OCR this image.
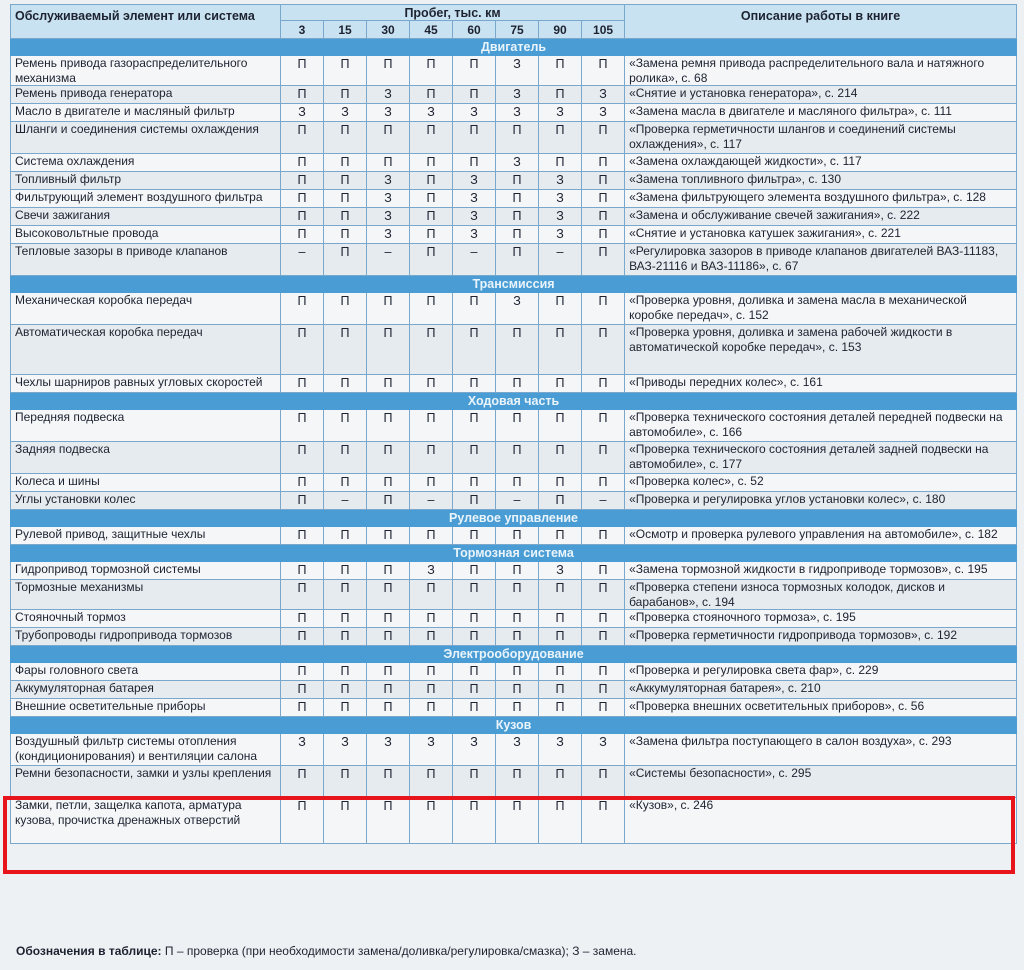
Обслуживаемый элемент или система	Пробег, тыс. км								Описание работы в книге
	3	15	30	45	60	75	90	105	
Двигатель									
Ремень привода газораспределительного механизма	П	П	П	П	П	З	П	П	«Замена ремня привода распределительного вала и натяжного ролика», с. 68
Ремень привода генератора	П	П	З	П	П	З	П	З	«Снятие и установка генератора», с. 214
Масло в двигателе и масляный фильтр	З	З	З	З	З	З	З	З	«Замена масла в двигателе и масляного фильтра», с. 111
Шланги и соединения системы охлаждения	П	П	П	П	П	П	П	П	«Проверка герметичности шлангов и соединений системы охлаждения», с. 117
Система охлаждения	П	П	П	П	П	З	П	П	«Замена охлаждающей жидкости», с. 117
Топливный фильтр	П	П	З	П	З	П	З	П	«Замена топливного фильтра», с. 130
Фильтрующий элемент воздушного фильтра	П	П	З	П	З	П	З	П	«Замена фильтрующего элемента воздушного фильтра», с. 128
Свечи зажигания	П	П	З	П	З	П	З	П	«Замена и обслуживание свечей зажигания», с. 222
Высоковольтные провода	П	П	З	П	З	П	З	П	«Снятие и установка катушек зажигания», с. 221
Тепловые зазоры в приводе клапанов	–	П	–	П	–	П	–	П	«Регулировка зазоров в приводе клапанов двигателей ВАЗ-11183, ВАЗ-21116 и ВАЗ-11186», с. 67
Трансмиссия									
Механическая коробка передач	П	П	П	П	П	З	П	П	«Проверка уровня, доливка и замена масла в механической коробке передач», с. 152
Автоматическая коробка передач	П	П	П	П	П	П	П	П	«Проверка уровня, доливка и замена рабочей жидкости в автоматической коробке передач», с. 153
Чехлы шарниров равных угловых скоростей	П	П	П	П	П	П	П	П	«Приводы передних колес», с. 161
Ходовая часть									
Передняя подвеска	П	П	П	П	П	П	П	П	«Проверка технического состояния деталей передней подвески на автомобиле», с. 166
Задняя подвеска	П	П	П	П	П	П	П	П	«Проверка технического состояния деталей задней подвески на автомобиле», с. 177
Колеса и шины	П	П	П	П	П	П	П	П	«Проверка колес», с. 52
Углы установки колес	П	–	П	–	П	–	П	–	«Проверка и регулировка углов установки колес», с. 180
Рулевое управление									
Рулевой привод, защитные чехлы	П	П	П	П	П	П	П	П	«Осмотр и проверка рулевого управления на автомобиле», с. 182
Тормозная система									
Гидропривод тормозной системы	П	П	П	З	П	П	З	П	«Замена тормозной жидкости в гидроприводе тормозов», с. 195
Тормозные механизмы	П	П	П	П	П	П	П	П	«Проверка степени износа тормозных колодок, дисков и барабанов», с. 194
Стояночный тормоз	П	П	П	П	П	П	П	П	«Проверка стояночного тормоза», с. 195
Трубопроводы гидропривода тормозов	П	П	П	П	П	П	П	П	«Проверка герметичности гидропривода тормозов», с. 192
Электрооборудование									
Фары головного света	П	П	П	П	П	П	П	П	«Проверка и регулировка света фар», с. 229
Аккумуляторная батарея	П	П	П	П	П	П	П	П	«Аккумуляторная батарея», с. 210
Внешние осветительные приборы	П	П	П	П	П	П	П	П	«Проверка внешних осветительных приборов», с. 56
Кузов									
Воздушный фильтр системы отопления (кондиционирования) и вентиляции салона	З	З	З	З	З	З	З	З	«Замена фильтра поступающего в салон воздуха», с. 293
Ремни безопасности, замки и узлы крепления	П	П	П	П	П	П	П	П	«Системы безопасности», с. 295
Замки, петли, защелка капота, арматура кузова, прочистка дренажных отверстий	П	П	П	П	П	П	П	П	«Кузов», с. 246
Обозначения в таблице: П – проверка (при необходимости замена/доливка/регулировка/смазка); З – замена.
